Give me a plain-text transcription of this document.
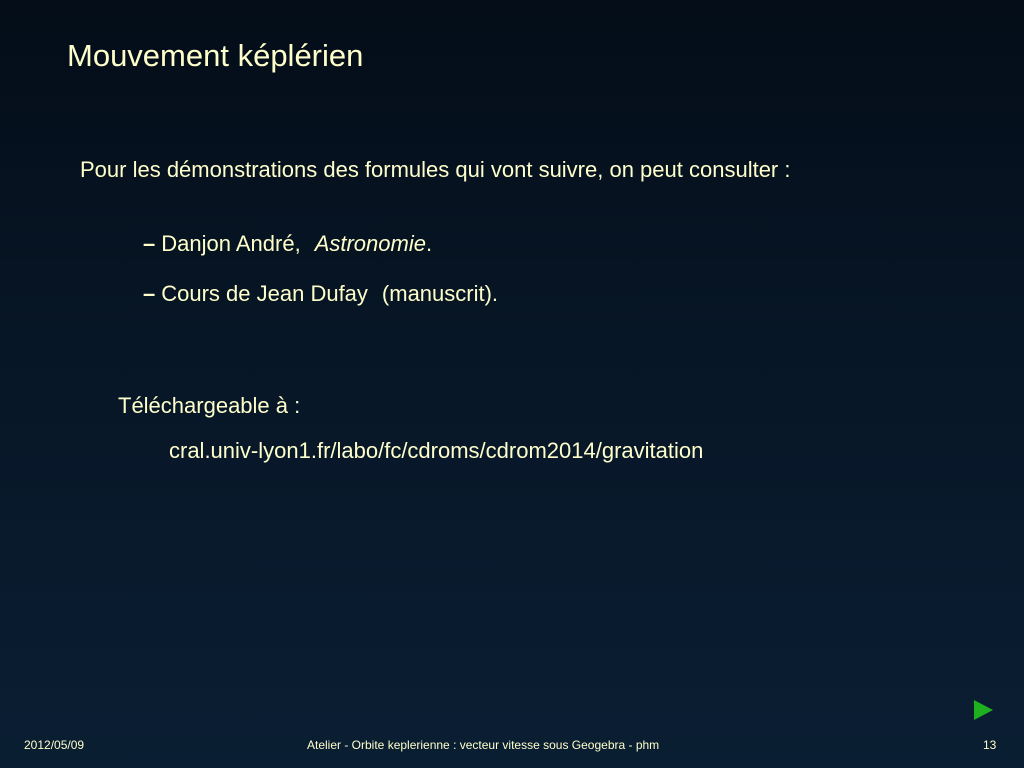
Mouvement képlérien
Pour les démonstrations des formules qui vont suivre, on peut consulter :
– Danjon André, Astronomie.
– Cours de Jean Dufay (manuscrit).
Téléchargeable à :
cral.univ-lyon1.fr/labo/fc/cdroms/cdrom2014/gravitation
2012/05/09	Atelier - Orbite keplerienne : vecteur vitesse sous Geogebra - phm	13
